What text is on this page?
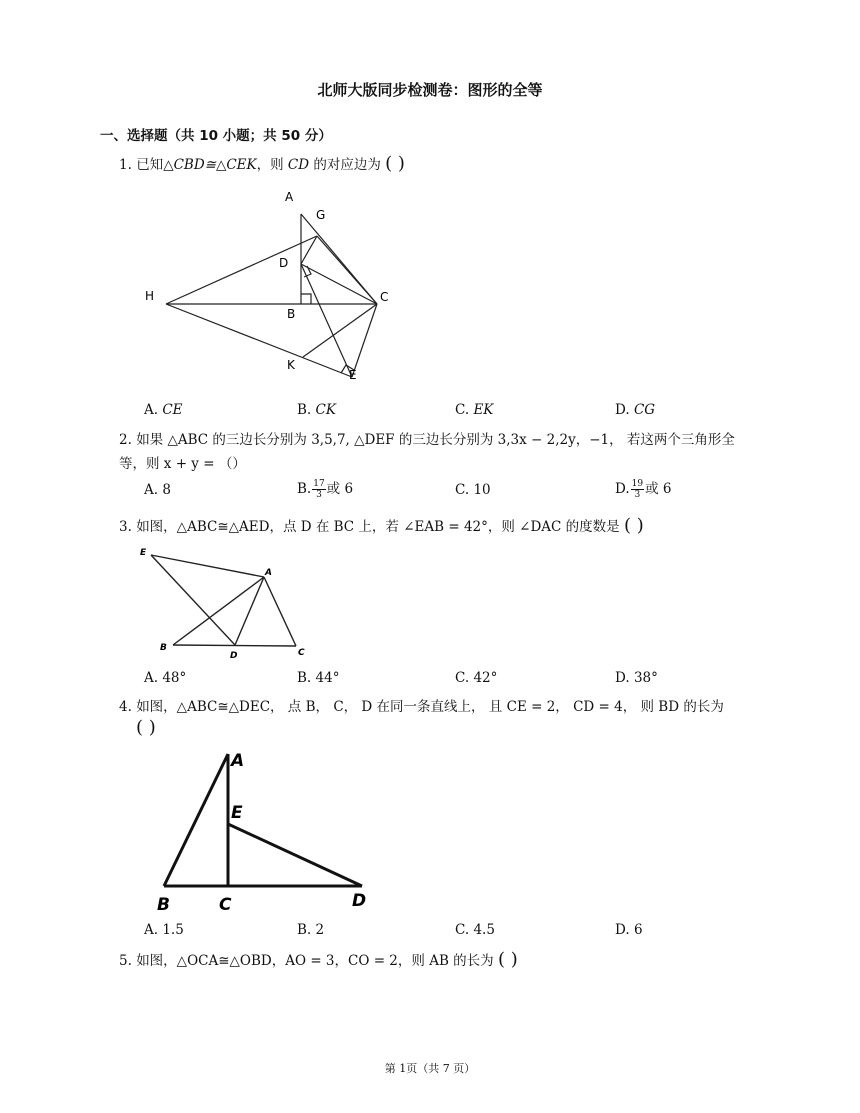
北师大版同步检测卷：图形的全等
一、选择题（共 10 小题；共 50 分）
1. 已知△CBD≅△CEK，则 CD 的对应边为 ( )
A
G
D
H
B
C
K
E
A. CE	B. CK	C. EK	D. CG
2. 如果 △ABC 的三边长分别为 3,5,7, △DEF 的三边长分别为 3,3x − 2,2y，−1， 若这两个三角形全
等，则 x + y = （）
A. 8	B. $\frac{17}{3}$ 或 6	C. 10	D. $\frac{19}{3}$ 或 6
3. 如图，△ABC≅△AED，点 D 在 BC 上，若 ∠EAB = 42°，则 ∠DAC 的度数是 ( )
E
A
B
D	C
A. 48°	B. 44°	C. 42°	D. 38°
4. 如图，△ABC≅△DEC， 点 B， C， D 在同一条直线上， 且 CE = 2， CD = 4， 则 BD 的长为
( )
A
E
B	C	D
A. 1.5	B. 2	C. 4.5	D. 6
5. 如图，△OCA≅△OBD，AO = 3，CO = 2，则 AB 的长为 ( )
第 1页（共 7 页）
